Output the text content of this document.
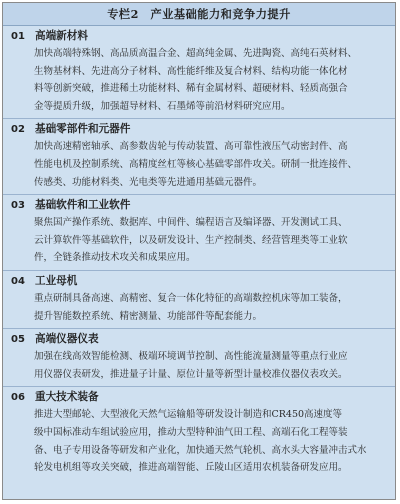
专栏2　产业基础能力和竞争力提升
01 高端新材料
加快高端特殊钢、高品质高温合金、超高纯金属、先进陶瓷、高纯石英材料、
生物基材料、先进高分子材料、高性能纤维及复合材料、结构功能一体化材
料等创新突破，推进稀土功能材料、稀有金属材料、超硬材料、轻质高强合
金等提质升级，加强超导材料、石墨烯等前沿材料研究应用。
02 基础零部件和元器件
加快高速精密轴承、高参数齿轮与传动装置、高可靠性液压气动密封件、高
性能电机及控制系统、高精度丝杠等核心基础零部件攻关。研制一批连接件、
传感类、功能材料类、光电类等先进通用基础元器件。
03 基础软件和工业软件
聚焦国产操作系统、数据库、中间件、编程语言及编译器、开发测试工具、
云计算软件等基础软件，以及研发设计、生产控制类、经营管理类等工业软
件，全链条推动技术攻关和成果应用。
04 工业母机
重点研制具备高速、高精密、复合一体化特征的高端数控机床等加工装备，
提升智能数控系统、精密测量、功能部件等配套能力。
05 高端仪器仪表
加强在线高效智能检测、极端环境调节控制、高性能流量测量等重点行业应
用仪器仪表研发，推进量子计量、原位计量等新型计量校准仪器仪表攻关。
06 重大技术装备
推进大型邮轮、大型液化天然气运输船等研发设计制造和CR450高速度等
级中国标准动车组试验应用，推动大型特种油气田工程、高端石化工程等装
备、电子专用设备等研发和产业化，加快通天然气轮机、高水头大容量冲击式水
轮发电机组等攻关突破，推进高端智能、丘陵山区适用农机装备研发应用。
